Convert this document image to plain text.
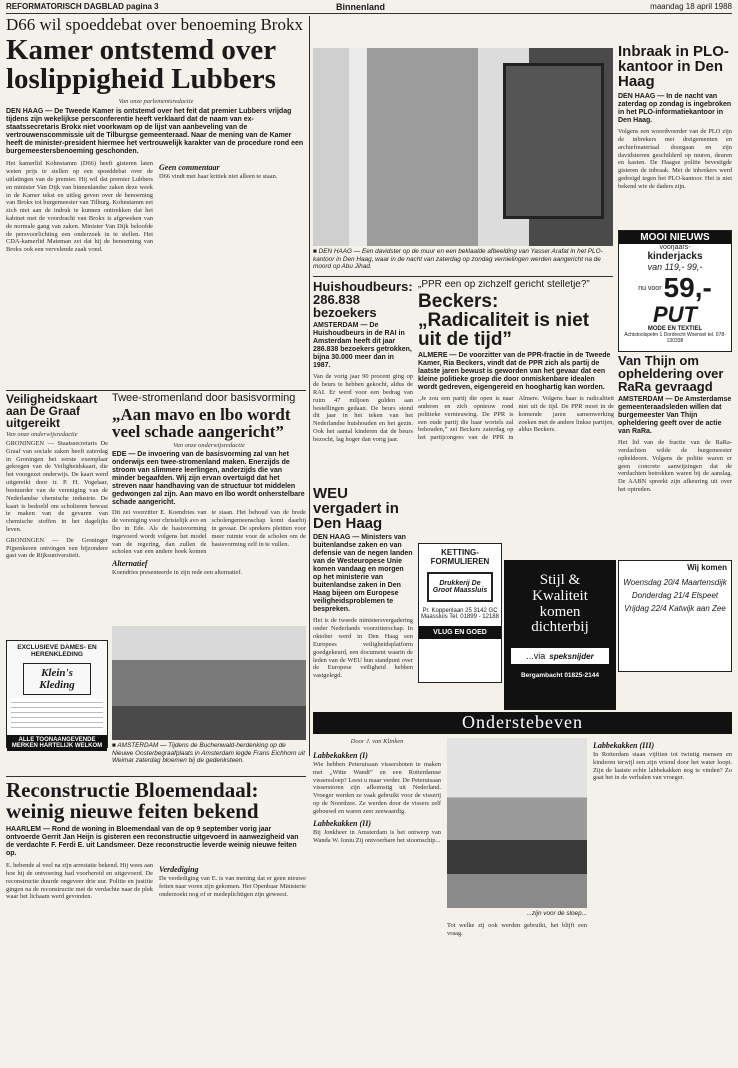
REFORMATORISCH DAGBLAD pagina 3	Binnenland	maandag 18 april 1988
D66 wil spoeddebat over benoeming Brokx
Kamer ontstemd over loslippigheid Lubbers
Van onze parlementsredactie
DEN HAAG — De Tweede Kamer is ontstemd over het feit dat premier Lubbers vrijdag tijdens zijn wekelijkse persconferentie heeft verklaard dat de naam van ex-staatssecretaris Brokx niet voorkwam op de lijst van aanbeveling van de vertrouwenscommissie uit de Tilburgse gemeenteraad. Naar de mening van de Kamer heeft de minister-president hiermee het vertrouwelijk karakter van de procedure rond een burgemeestersbenoeming geschonden.
Het kamerlid Kohnstamm (D66) heeft gisteren laten weten prijs te stellen op een spoeddebat over de uitlatingen van de premier. Hij wil dat premier Lubbers en minister Van Dijk van binnenlandse zaken deze week in de Kamer tekst en uitleg geven over de benoeming van Brokx tot burgemeester van Tilburg. Kohnstamm eet zich niet aan de indruk te kunnen onttrekken dat het kabinet met de voordracht van Brokx is afgeweken van de normale gang van zaken. Minister Van Dijk beloofde de persvoorlichting een onderzoek in te stellen. Het CDA-kamerlid Mateman zei dat hij de benoeming van Brokx ook een vervelende zaak vond.
Geen commentaar
D66 vindt met haar kritiek niet alleen te staan.
■ DEN HAAG — Een davidster op de muur en een beklaalde afbeelding van Yasser Arafat in het PLO-kantoor in Den Haag, waar in de nacht van zaterdag op zondag vernielingen werden aangericht na de moord op Abu Jihad.
Inbraak in PLO-kantoor in Den Haag
DEN HAAG — In de nacht van zaterdag op zondag is ingebroken in het PLO-informatiekantoor in Den Haag.
Volgens een woordvoerder van de PLO zijn de inbrekers met dreigementen en archiefmateriaal doorgaan en zijn davidsterren geschilderd op muren, deuren en kasten. De Haagse politie bevestigde gisteren de inbraak. Met de inbrekers werd gedreigd tegen het PLO-kantoor. Het is niet bekend wie de daders zijn.
MOOI NIEUWS
voorjaars-
kinderjacks
van 119,- 99,-
nu voor 59,-
PUT
MODE EN TEXTIEL
Achtstoolspelm 1 Dordrecht Woensel tel. 078-130338
Van Thijn om opheldering over RaRa gevraagd
AMSTERDAM — De Amsterdamse gemeenteraadsleden willen dat burgemeester Van Thijn opheldering geeft over de actie van RaRa.
Het lid van de fractie van de RaRa-verdachten wilde de burgemeester ophelderen. Volgens de politie waren er geen concrete aanwijzingen dat de verdachten betrokken waren bij de aanslag. De AABN spreekt zijn afkeuring uit over het optreden.
Veiligheidskaart aan De Graaf uitgereikt
Van onze onderwijsredactie
GRONINGEN — Staatssecretaris De Graaf van sociale zaken heeft zaterdag in Groningen het eerste exemplaar gekregen van de Veiligheidskaart, die het voorgezet onderwijs. De kaart werd uitgereikt door ir. P. H. Vogelaar, bestuurder van de vereniging van de Nederlandse chemische industrie. De kaart is bedoeld om scholieren bewust te maken van de gevaren van chemische stoffen in het dagelijks leven.
GRONINGEN — De Groninger Pijpenkeren ontvingen een bijzondere gast van de Rijksuniversiteit.
EXCLUSIEVE DAMES- EN HERENKLEDING
Klein's Kleding
ALLE TOONAANGEVENDE MERKEN HARTELIJK WELKOM
Twee-stromenland door basisvorming
„Aan mavo en lbo wordt veel schade aangericht”
Van onze onderwijsredactie
EDE — De invoering van de basisvorming zal van het onderwijs een twee-stromenland maken. Enerzijds de stroom van slimmere leerlingen, anderzijds die van minder begaafden. Wij zijn ervan overtuigd dat het streven naar handhaving van de structuur tot middelen gedwongen zal zijn. Aan mavo en lbo wordt onherstelbare schade aangericht.
Dit zei voorzitter E. Koendries van de vereniging voor christelijk avo en lbo in Ede. Als de basisvorming ingevoerd wordt volgens het model van de regering, dan zullen de scholen van een andere hoek komen te staan. Het behoud van de brede scholengemeenschap komt daarbij in gevaar. De sprekers pleitten voor meer ruimte voor de scholen om de basisvorming zelf in te vullen.
Alternatief
Koendries presenteerde in zijn rede een alternatief.
■ AMSTERDAM — Tijdens de Buchenwald-herdenking op de Nieuwe Oosterbegraafplaats in Amsterdam legde Frans Eichhorn uit Weimar zaterdag bloemen bij de gedenksteen.
Huishoudbeurs: 286.838 bezoekers
AMSTERDAM — De Huishoudbeurs in de RAI in Amsterdam heeft dit jaar 286.838 bezoekers getrokken, bijna 30.000 meer dan in 1987.
Van de vorig jaar 90 procent ging op de beurs te hebben gekocht, aldus de RAI. Er werd voor een bedrag van ruim 47 miljoen gulden aan bestellingen gedaan. De beurs stond dit jaar in het teken van het Nederlandse huishouden en het gezin. Ook het aantal kinderen dat de beurs bezocht, lag hoger dan vorig jaar.
WEU vergadert in Den Haag
DEN HAAG — Ministers van buitenlandse zaken en van defensie van de negen landen van de Westeuropese Unie komen vandaag en morgen op het ministerie van buitenlandse zaken in Den Haag bijeen om Europese veiligheidsproblemen te bespreken.
Het is de tweede ministersvergadering onder Nederlands voorzitterschap. In oktober werd in Den Haag een Europees veiligheidsplatform goedgekeurd, een document waarin de leden van de WEU hun standpunt over de Europese veiligheid hebben vastgelegd.
„PPR een op zichzelf gericht stelletje?”
Beckers: „Radicaliteit is niet uit de tijd”
ALMERE — De voorzitter van de PPR-fractie in de Tweede Kamer, Ria Beckers, vindt dat de PPR zich als partij de laatste jaren bewust is geworden van het gevaar dat een kleine politieke groep die door onmiskenbare idealen wordt gedreven, eigengereid en hooghartig kan worden.
„Je zou een partij die open is naar anderen en zich opnieuw rond politieke vernieuwing. De PPR is een oude partij die haar wortels zal behouden,” zei Beckers zaterdag op het partijcongres van de PPR in Almere. Volgens haar is radicaliteit niet uit de tijd. De PPR moet in de komende jaren samenwerking zoeken met de andere linkse partijen, aldus Beckers.
KETTING-FORMULIEREN
Drukkerij De Groot Maassluis
Pr. Koppenlaan 25 3142 GC Maassluis Tel. 01899 - 12188
VLUG EN GOED
Stijl & Kwaliteit komen dichterbij
...via speksnijder
Bergambacht 01825-2144
Wij komen
Woensdag 20/4 Maartensdijk
Donderdag 21/4 Elspeet
Vrijdag 22/4 Katwijk aan Zee
Onderstebeven
Door J. van Klinken
Labbekakken (I)
Wie hebben Peteruisaan vissersboten te maken met „Witte Wandt” en een Rotterdamse visserssloep? Leest u maar verder. De Peteruisaan visserstoren zijn afkomstig uit Nederland. Vroeger werden ze vaak gebruikt voor de visserij op de Noordzee. Ze werden door de vissers zelf gebouwd en waren zeer zeewaardig.
Labbekakken (II)
Bij Jonkheer in Amsterdam is het ontwerp van Wanda W. Ioniu Zij ontvoerbare het stoomschip...
...zijn voor de sloep...
Tot welke zij ook werden gebruikt, het blijft een vraag.
Labbekakken (III)
In Rotterdam staan vijftien tot twintig mensen en kinderen terwijl een zijn vriend door het water loopt. Zijn de laatste echte labbekakken nog te vinden? Zo gaat het in de verhalen van vroeger.
Reconstructie Bloemendaal: weinig nieuwe feiten bekend
HAARLEM — Rond de woning in Bloemendaal van de op 9 september vorig jaar ontvoerde Gerrit Jan Heijn is gisteren een reconstructie uitgevoerd in aanwezigheid van de verdachte F. Ferdi E. uit Landsmeer. Deze reconstructie leverde weinig nieuwe feiten op.
E. hebende al veel na zijn arrestatie bekend. Hij wees aan hoe hij de ontvoering had voorbereid en uitgevoerd. De reconstructie duurde ongeveer drie uur. Politie en justitie gingen na de reconstructie met de verdachte naar de plek waar het lichaam werd gevonden.
Verdediging
De verdediging van E. is van mening dat er geen nieuwe feiten naar voren zijn gekomen. Het Openbaar Ministerie onderzoekt nog of er medeplichtigen zijn geweest.
